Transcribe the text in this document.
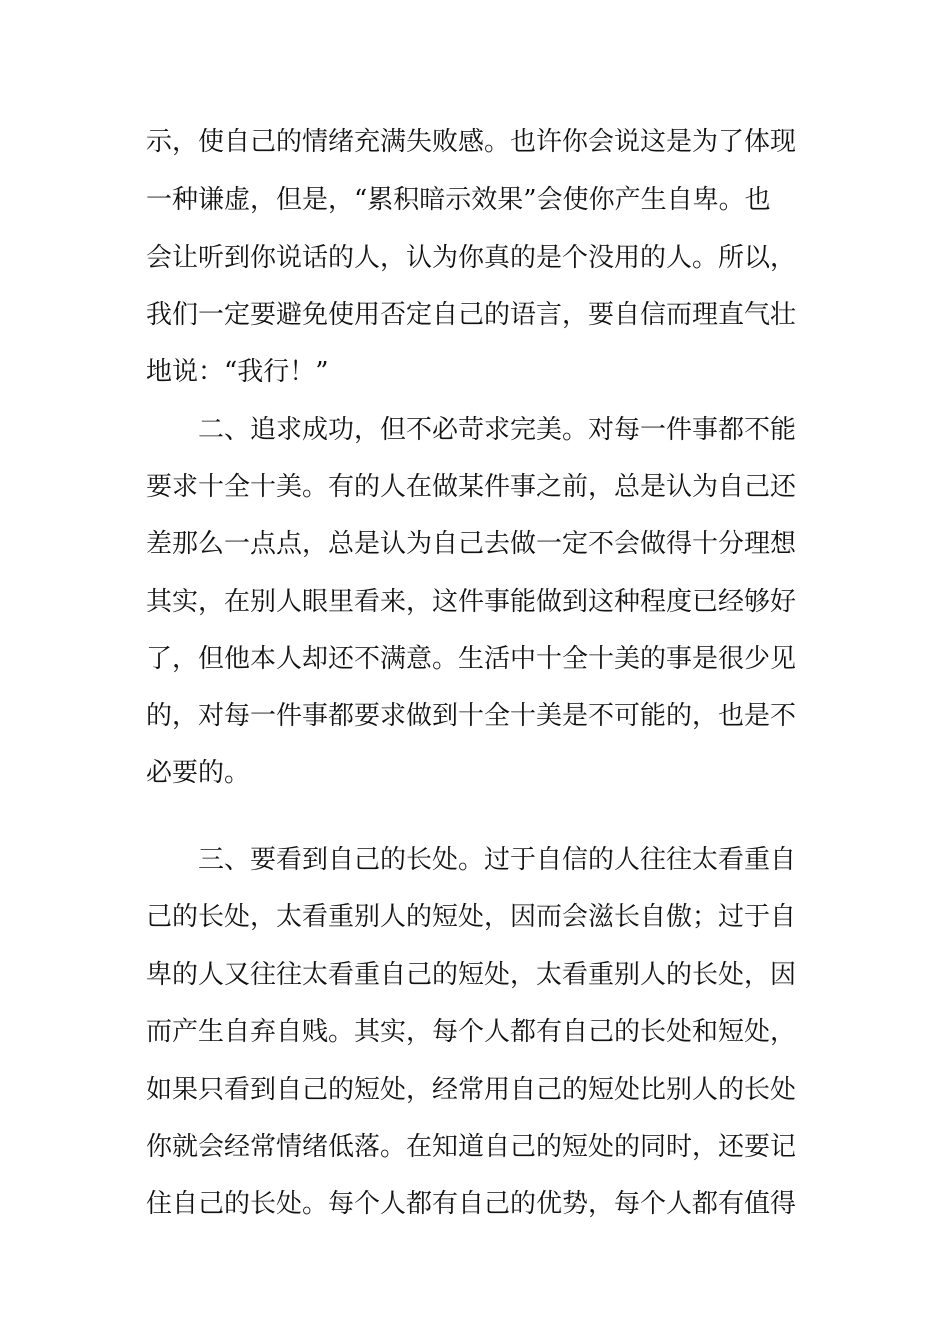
示，使自己的情绪充满失败感。也许你会说这是为了体现
一种谦虚，但是，“累积暗示效果”会使你产生自卑。也
会让听到你说话的人，认为你真的是个没用的人。所以，
我们一定要避免使用否定自己的语言，要自信而理直气壮
地说：“我行！”
二、追求成功，但不必苛求完美。对每一件事都不能
要求十全十美。有的人在做某件事之前，总是认为自己还
差那么一点点，总是认为自己去做一定不会做得十分理想
其实，在别人眼里看来，这件事能做到这种程度已经够好
了，但他本人却还不满意。生活中十全十美的事是很少见
的，对每一件事都要求做到十全十美是不可能的，也是不
必要的。
三、要看到自己的长处。过于自信的人往往太看重自
己的长处，太看重别人的短处，因而会滋长自傲；过于自
卑的人又往往太看重自己的短处，太看重别人的长处，因
而产生自弃自贱。其实，每个人都有自己的长处和短处，
如果只看到自己的短处，经常用自己的短处比别人的长处
你就会经常情绪低落。在知道自己的短处的同时，还要记
住自己的长处。每个人都有自己的优势，每个人都有值得
